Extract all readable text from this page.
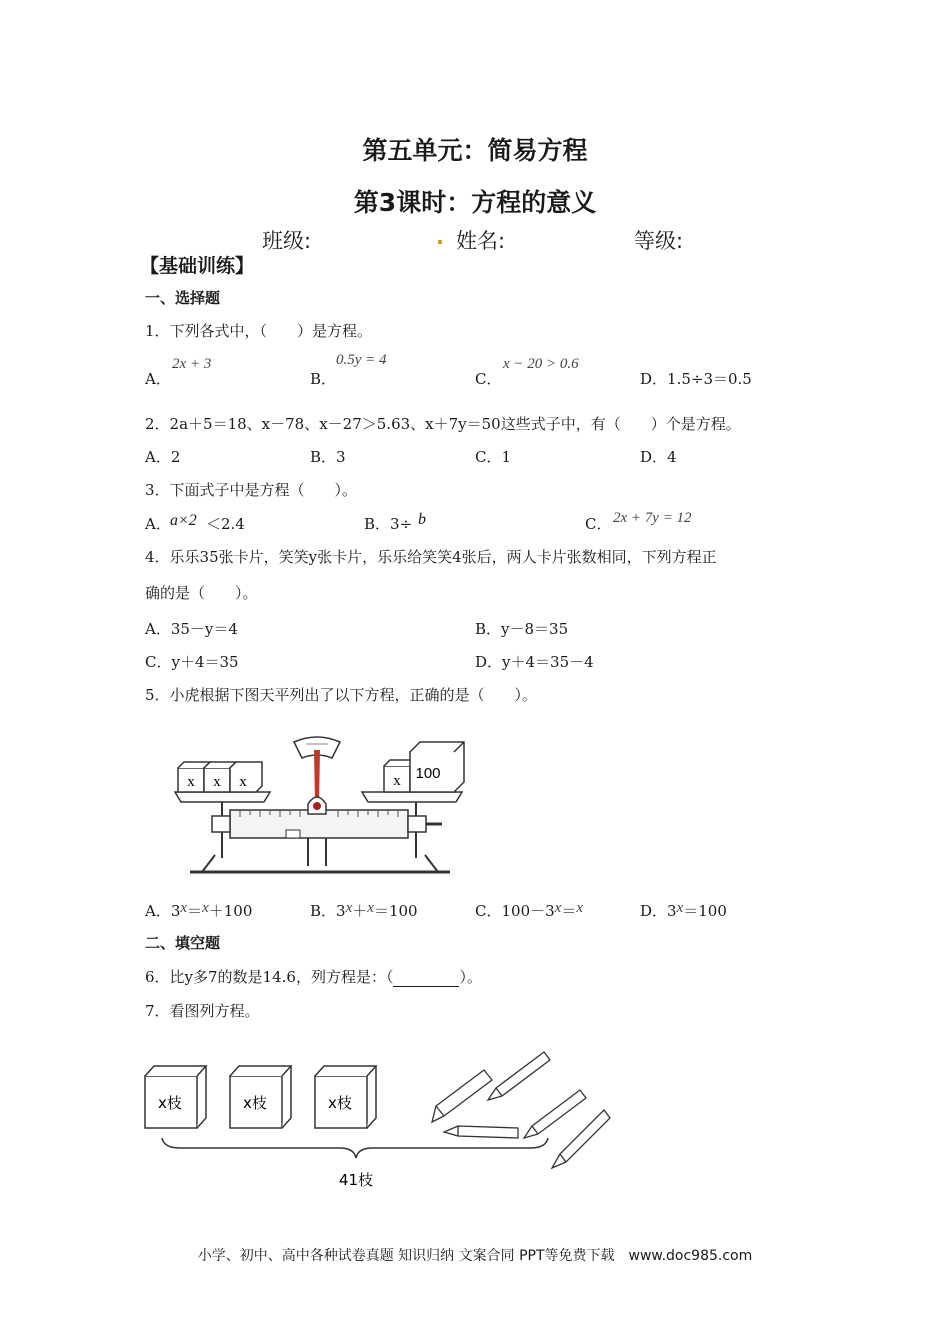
第五单元：简易方程
第3课时：方程的意义
班级:	. 姓名:	等级:
【基础训练】
一、选择题
1．下列各式中，（　　）是方程。
A．
2x + 3
B．
0.5y = 4
C．
x − 20 > 0.6
D．1.5÷3＝0.5
2．2a＋5＝18、x－78、x－27＞5.63、x＋7y＝50这些式子中，有（　　）个是方程。
A．2	B．3	C．1	D．4
3．下面式子中是方程（　　）。
A． a×2 ＜2.4	B．3÷ b	C． 2x + 7y = 12
4．乐乐35张卡片，笑笑y张卡片，乐乐给笑笑4张后，两人卡片张数相同，下列方程正
确的是（　　）。
A．35－y＝4	B．y－8＝35
C．y＋4＝35	D．y＋4＝35－4
5．小虎根据下图天平列出了以下方程，正确的是（　　）。
x x x	x 100
A．3x＝x＋100	B．3x＋x＝100	C．100－3x＝x	D．3x＝100
二、填空题
6．比y多7的数是14.6，列方程是：（	）。
7．看图列方程。
x枝	x枝	x枝
41枝
小学、初中、高中各种试卷真题 知识归纳 文案合同 PPT等免费下载　www.doc985.com
